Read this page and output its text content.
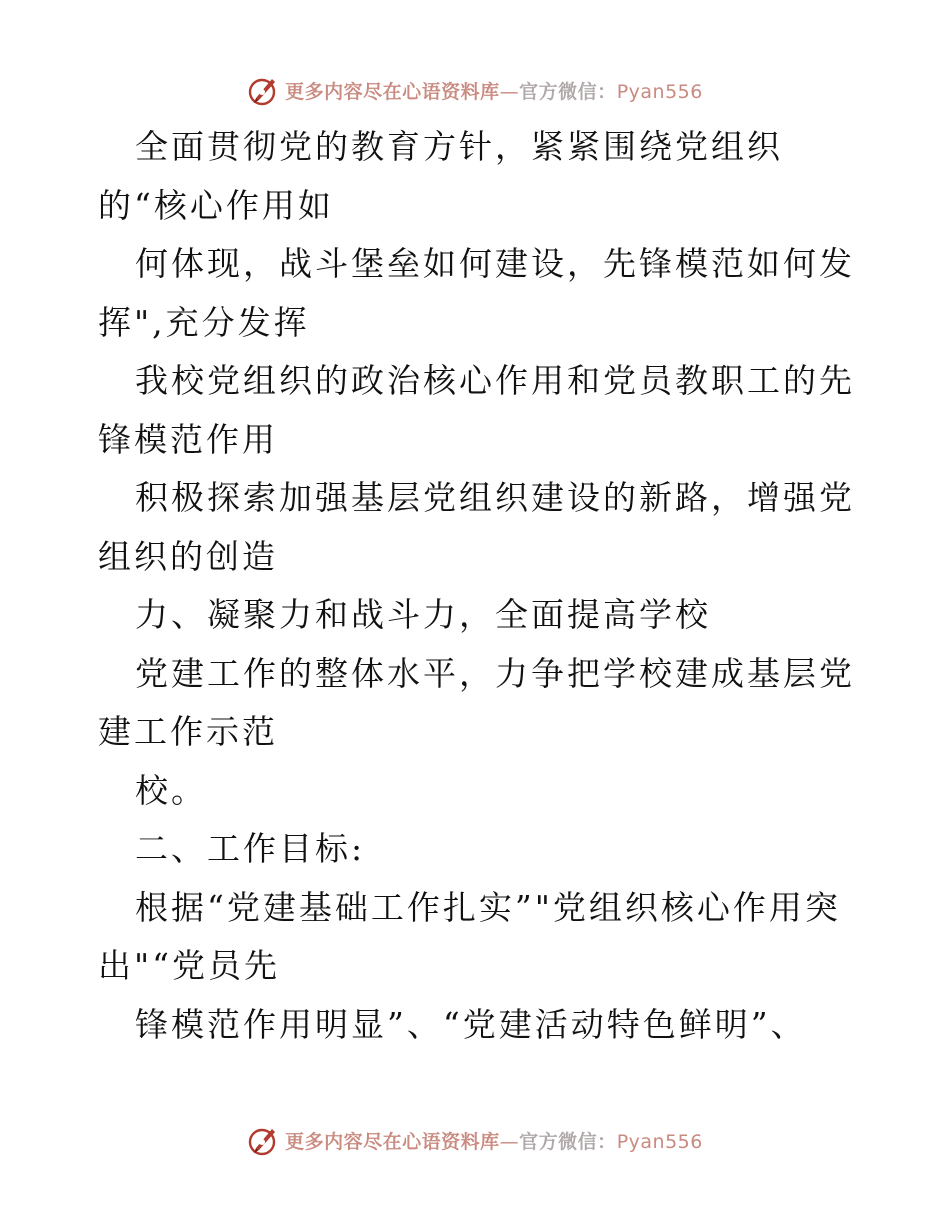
更多内容尽在心语资料库—官方微信：Pyan556

全面贯彻党的教育方针，紧紧围绕党组织的“核心作用如

何体现，战斗堡垒如何建设，先锋模范如何发挥",充分发挥

我校党组织的政治核心作用和党员教职工的先锋模范作用

积极探索加强基层党组织建设的新路，增强党组织的创造

力、凝聚力和战斗力，全面提高学校

党建工作的整体水平，力争把学校建成基层党建工作示范

校。

二、工作目标:

根据“党建基础工作扎实”"党组织核心作用突出"“党员先

锋模范作用明显”、“党建活动特色鲜明”、

更多内容尽在心语资料库—官方微信：Pyan556
